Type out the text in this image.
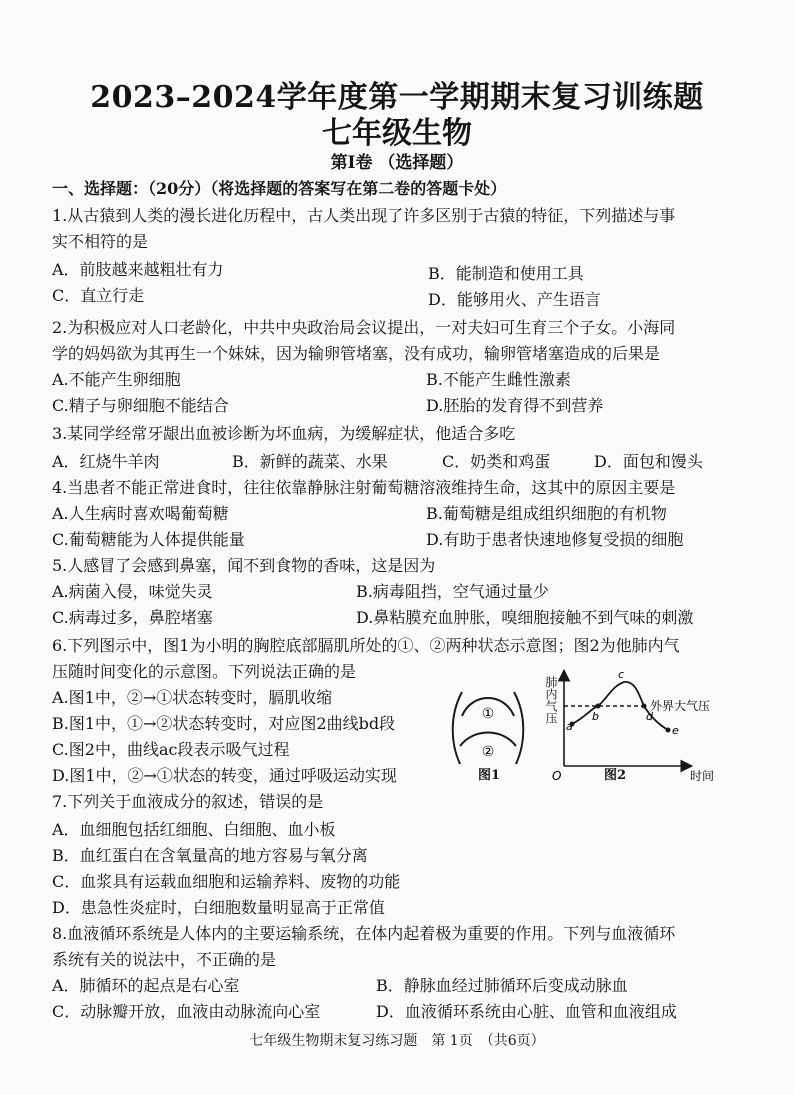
2023–2024学年度第一学期期末复习训练题
七年级生物
第Ⅰ卷 （选择题）
一、选择题：（20分）（将选择题的答案写在第二卷的答题卡处）
1.从古猿到人类的漫长进化历程中，古人类出现了许多区别于古猿的特征，下列描述与事
实不相符的是
A．前肢越来越粗壮有力	B．能制造和使用工具
C．直立行走	D．能够用火、产生语言
2.为积极应对人口老龄化，中共中央政治局会议提出，一对夫妇可生育三个子女。小海同
学的妈妈欲为其再生一个妹妹，因为输卵管堵塞，没有成功，输卵管堵塞造成的后果是
A.不能产生卵细胞	B.不能产生雌性激素
C.精子与卵细胞不能结合	D.胚胎的发育得不到营养
3.某同学经常牙龈出血被诊断为坏血病，为缓解症状，他适合多吃
A．红烧牛羊肉	B．新鲜的蔬菜、水果	C．奶类和鸡蛋	D．面包和馒头
4.当患者不能正常进食时，往往依靠静脉注射葡萄糖溶液维持生命，这其中的原因主要是
A.人生病时喜欢喝葡萄糖	B.葡萄糖是组成组织细胞的有机物
C.葡萄糖能为人体提供能量	D.有助于患者快速地修复受损的细胞
5.人感冒了会感到鼻塞，闻不到食物的香味，这是因为
A.病菌入侵，味觉失灵	B.病毒阻挡，空气通过量少
C.病毒过多，鼻腔堵塞	D.鼻粘膜充血肿胀，嗅细胞接触不到气味的刺激
6.下列图示中，图1为小明的胸腔底部膈肌所处的①、②两种状态示意图；图2为他肺内气
压随时间变化的示意图。下列说法正确的是
A.图1中，②→①状态转变时，膈肌收缩
B.图1中，①→②状态转变时，对应图2曲线bd段
C.图2中，曲线ac段表示吸气过程
D.图1中，②→①状态的转变，通过呼吸运动实现
①
②
图1
a
b
c
d
e
外界大气压
O	时间
肺内气压
图2
7.下列关于血液成分的叙述，错误的是
A．血细胞包括红细胞、白细胞、血小板
B．血红蛋白在含氧量高的地方容易与氧分离
C．血浆具有运载血细胞和运输养料、废物的功能
D．患急性炎症时，白细胞数量明显高于正常值
8.血液循环系统是人体内的主要运输系统，在体内起着极为重要的作用。下列与血液循环
系统有关的说法中，不正确的是
A．肺循环的起点是右心室	B．静脉血经过肺循环后变成动脉血
C．动脉瓣开放，血液由动脉流向心室	D．血液循环系统由心脏、血管和血液组成
七年级生物期末复习练习题　第 1页　（共6页）
